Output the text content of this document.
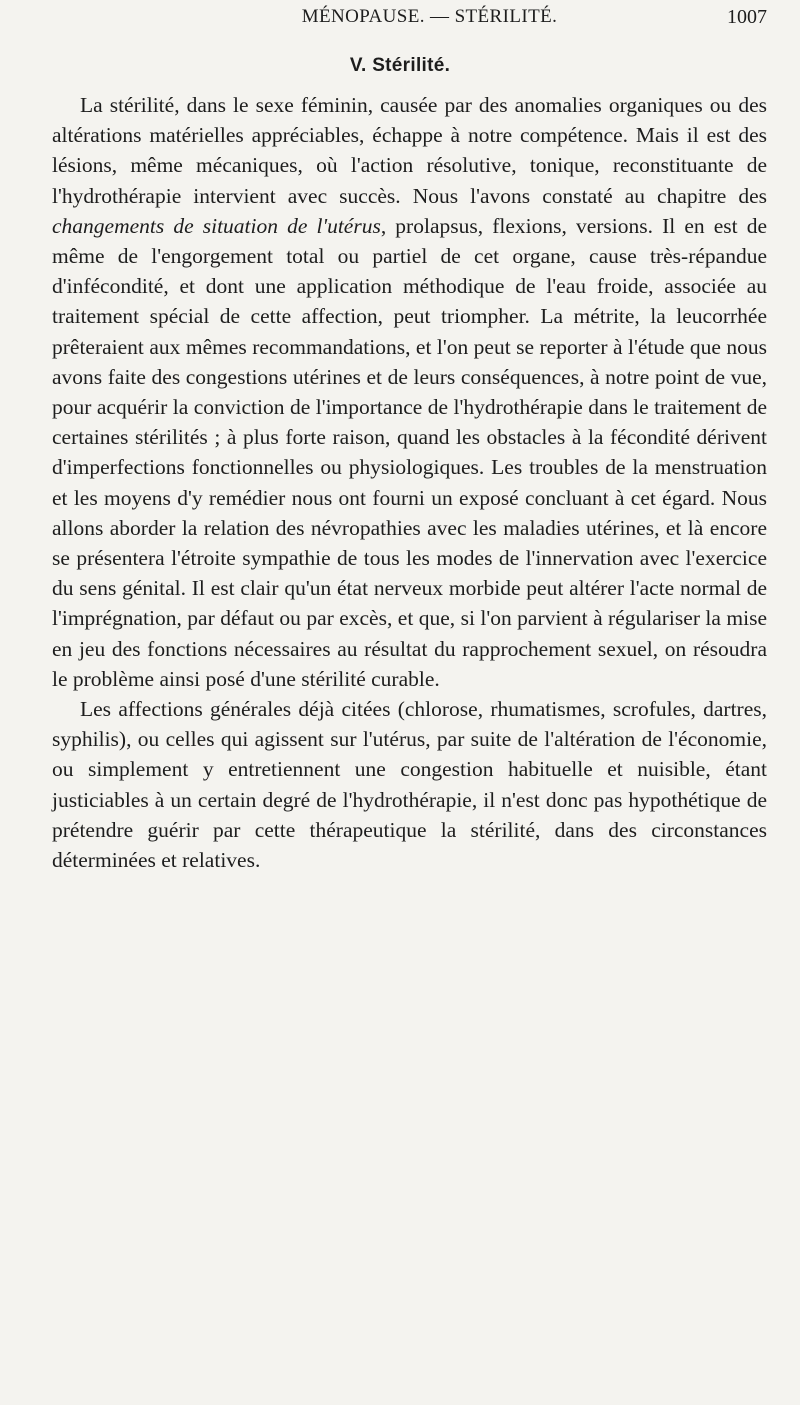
MÉNOPAUSE. — STÉRILITÉ.	1007
V. Stérilité.

La stérilité, dans le sexe féminin, causée par des anomalies organiques ou des altérations matérielles appréciables, échappe à notre compétence. Mais il est des lésions, même mécaniques, où l'action résolutive, tonique, reconstituante de l'hydrothérapie intervient avec succès. Nous l'avons constaté au chapitre des changements de situation de l'utérus, prolapsus, flexions, versions. Il en est de même de l'engorgement total ou partiel de cet organe, cause très-répandue d'infécondité, et dont une application méthodique de l'eau froide, associée au traitement spécial de cette affection, peut triompher. La métrite, la leucorrhée prêteraient aux mêmes recommandations, et l'on peut se reporter à l'étude que nous avons faite des congestions utérines et de leurs conséquences, à notre point de vue, pour acquérir la conviction de l'importance de l'hydrothérapie dans le traitement de certaines stérilités ; à plus forte raison, quand les obstacles à la fécondité dérivent d'imperfections fonctionnelles ou physiologiques. Les troubles de la menstruation et les moyens d'y remédier nous ont fourni un exposé concluant à cet égard. Nous allons aborder la relation des névropathies avec les maladies utérines, et là encore se présentera l'étroite sympathie de tous les modes de l'innervation avec l'exercice du sens génital. Il est clair qu'un état nerveux morbide peut altérer l'acte normal de l'imprégnation, par défaut ou par excès, et que, si l'on parvient à régulariser la mise en jeu des fonctions nécessaires au résultat du rapprochement sexuel, on résoudra le problème ainsi posé d'une stérilité curable.

Les affections générales déjà citées (chlorose, rhumatismes, scrofules, dartres, syphilis), ou celles qui agissent sur l'utérus, par suite de l'altération de l'économie, ou simplement y entretiennent une congestion habituelle et nuisible, étant justiciables à un certain degré de l'hydrothérapie, il n'est donc pas hypothétique de prétendre guérir par cette thérapeutique la stérilité, dans des circonstances déterminées et relatives.
